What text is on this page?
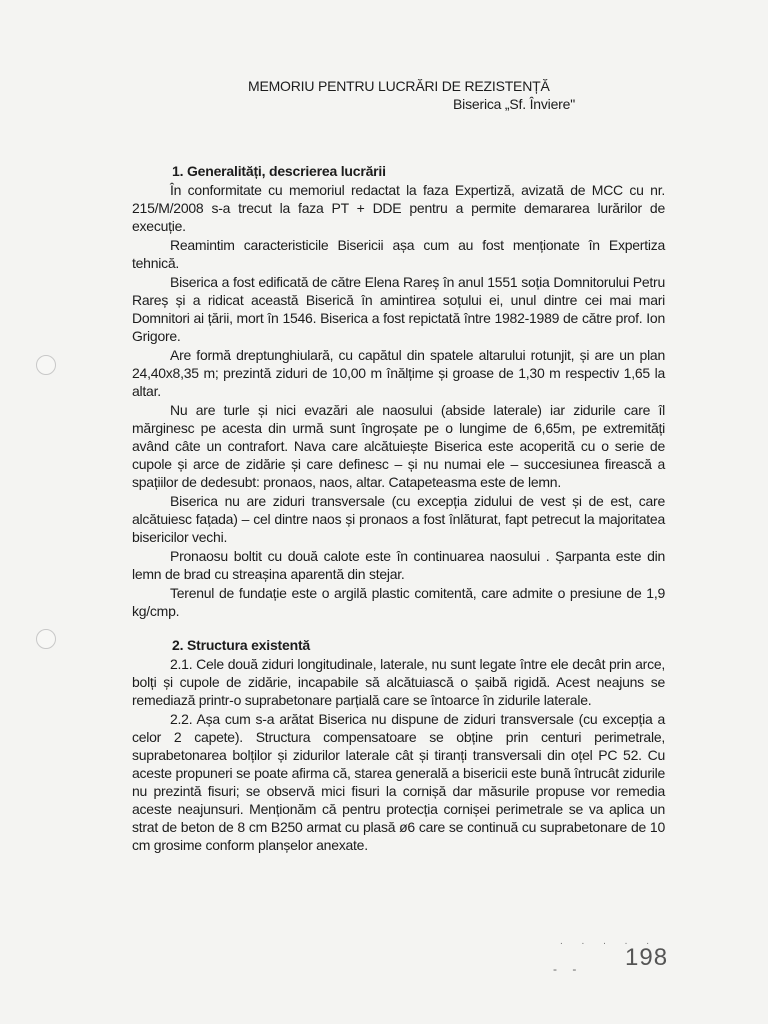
MEMORIU PENTRU LUCRĂRI DE REZISTENȚĂ
Biserica „Sf. Înviere"
1. Generalități, descrierea lucrării

În conformitate cu memoriul redactat la faza Expertiză, avizată de MCC cu nr. 215/M/2008 s-a trecut la faza PT + DDE pentru a permite demararea lurărilor de execuție.

Reamintim caracteristicile Bisericii așa cum au fost menționate în Expertiza tehnică.

Biserica a fost edificată de către Elena Rareș în anul 1551 soția Domnitorului Petru Rareș și a ridicat această Biserică în amintirea soțului ei, unul dintre cei mai mari Domnitori ai țării, mort în 1546. Biserica a fost repictată între 1982-1989 de către prof. Ion Grigore.

Are formă dreptunghiulară, cu capătul din spatele altarului rotunjit, și are un plan 24,40x8,35 m; prezintă ziduri de 10,00 m înălțime și groase de 1,30 m respectiv 1,65 la altar.

Nu are turle și nici evazări ale naosului (abside laterale) iar zidurile care îl mărginesc pe acesta din urmă sunt îngroșate pe o lungime de 6,65m, pe extremități având câte un contrafort. Nava care alcătuiește Biserica este acoperită cu o serie de cupole și arce de zidărie și care definesc – și nu numai ele – succesiunea firească a spațiilor de dedesubt: pronaos, naos, altar. Catapeteasma este de lemn.

Biserica nu are ziduri transversale (cu excepția zidului de vest și de est, care alcătuiesc fațada) – cel dintre naos și pronaos a fost înlăturat, fapt petrecut la majoritatea bisericilor vechi.

Pronaosu boltit cu două calote este în continuarea naosului . Șarpanta este din lemn de brad cu streașina aparentă din stejar.

Terenul de fundație este o argilă plastic comitentă, care admite o presiune de 1,9 kg/cmp.

2. Structura existentă

2.1. Cele două ziduri longitudinale, laterale, nu sunt legate între ele decât prin arce, bolți și cupole de zidărie, incapabile să alcătuiască o șaibă rigidă. Acest neajuns se remediază printr-o suprabetonare parțială care se întoarce în zidurile laterale.

2.2. Așa cum s-a arătat Biserica nu dispune de ziduri transversale (cu excepția a celor 2 capete). Structura compensatoare se obține prin centuri perimetrale, suprabetonarea bolților și zidurilor laterale cât și tiranți transversali din oțel PC 52. Cu aceste propuneri se poate afirma că, starea generală a bisericii este bună întrucât zidurile nu prezintă fisuri; se observă mici fisuri la cornișă dar măsurile propuse vor remedia aceste neajunsuri. Menționăm că pentru protecția cornișei perimetrale se va aplica un strat de beton de 8 cm B250 armat cu plasă ø6 care se continuă cu suprabetonare de 10 cm grosime conform planșelor anexate.

. . . . .
- - 198
